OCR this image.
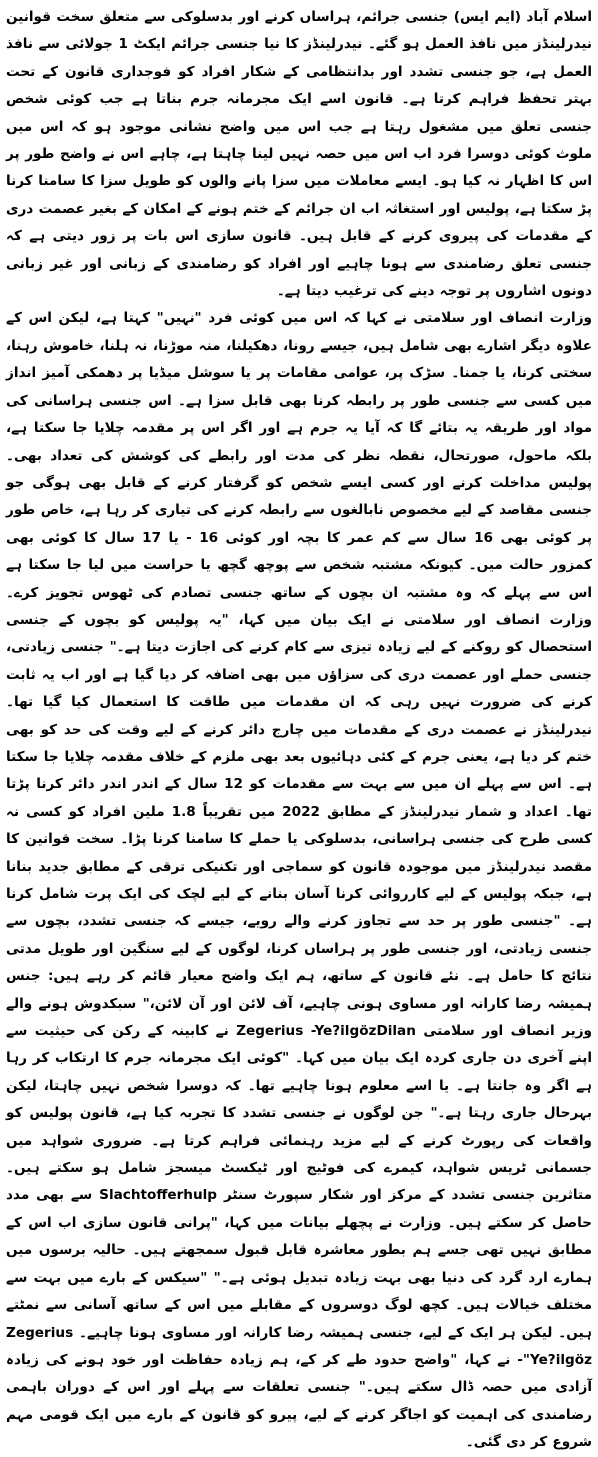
اسلام آباد (ایم ایس) جنسی جرائم، ہراساں کرنے اور بدسلوکی سے متعلق سخت قوانین نیدرلینڈز میں نافذ العمل ہو گئے۔ نیدرلینڈز کا نیا جنسی جرائم ایکٹ 1 جولائی سے نافذ العمل ہے، جو جنسی تشدد اور بدانتظامی کے شکار افراد کو فوجداری قانون کے تحت بہتر تحفظ فراہم کرتا ہے۔ قانون اسے ایک مجرمانہ جرم بناتا ہے جب کوئی شخص جنسی تعلق میں مشغول رہتا ہے جب اس میں واضح نشانی موجود ہو کہ اس میں ملوث کوئی دوسرا فرد اب اس میں حصہ نہیں لینا چاہتا ہے، چاہے اس نے واضح طور پر اس کا اظہار نہ کیا ہو۔ ایسے معاملات میں سزا پانے والوں کو طویل سزا کا سامنا کرنا پڑ سکتا ہے، پولیس اور استغاثہ اب ان جرائم کے ختم ہونے کے امکان کے بغیر عصمت دری کے مقدمات کی پیروی کرنے کے قابل ہیں۔ قانون سازی اس بات پر زور دیتی ہے کہ جنسی تعلق رضامندی سے ہونا چاہیے اور افراد کو رضامندی کے زبانی اور غیر زبانی دونوں اشاروں پر توجہ دینے کی ترغیب دیتا ہے۔

وزارت انصاف اور سلامتی نے کہا کہ اس میں کوئی فرد "نہیں" کہتا ہے، لیکن اس کے علاوہ دیگر اشارے بھی شامل ہیں، جیسے رونا، دھکیلنا، منہ موڑنا، نہ ہلنا، خاموش رہنا، سختی کرنا، یا جمنا۔ سڑک پر، عوامی مقامات پر یا سوشل میڈیا پر دھمکی آمیز انداز میں کسی سے جنسی طور پر رابطہ کرنا بھی قابل سزا ہے۔ اس جنسی ہراسانی کی مواد اور طریقہ یہ بتائے گا کہ آیا یہ جرم ہے اور اگر اس پر مقدمہ چلایا جا سکتا ہے، بلکہ ماحول، صورتحال، نقطہ نظر کی مدت اور رابطے کی کوشش کی تعداد بھی۔ پولیس مداخلت کرنے اور کسی ایسے شخص کو گرفتار کرنے کے قابل بھی ہوگی جو جنسی مقاصد کے لیے مخصوص نابالغوں سے رابطہ کرنے کی تیاری کر رہا ہے، خاص طور پر کوئی بھی 16 سال سے کم عمر کا بچہ اور کوئی 16 - یا 17 سال کا کوئی بھی کمزور حالت میں۔ کیونکہ مشتبہ شخص سے پوچھ گچھ یا حراست میں لیا جا سکتا ہے اس سے پہلے کہ وہ مشتبہ ان بچوں کے ساتھ جنسی تصادم کی ٹھوس تجویز کرے۔ وزارت انصاف اور سلامتی نے ایک بیان میں کہا، "یہ پولیس کو بچوں کے جنسی استحصال کو روکنے کے لیے زیادہ تیزی سے کام کرنے کی اجازت دیتا ہے۔" جنسی زیادتی، جنسی حملے اور عصمت دری کی سزاؤں میں بھی اضافہ کر دیا گیا ہے اور اب یہ ثابت کرنے کی ضرورت نہیں رہی کہ ان مقدمات میں طاقت کا استعمال کیا گیا تھا۔ نیدرلینڈز نے عصمت دری کے مقدمات میں چارج دائر کرنے کے لیے وقت کی حد کو بھی ختم کر دیا ہے، یعنی جرم کے کئی دہائیوں بعد بھی ملزم کے خلاف مقدمہ چلایا جا سکتا ہے۔ اس سے پہلے ان میں سے بہت سے مقدمات کو 12 سال کے اندر اندر دائر کرنا پڑتا تھا۔ اعداد و شمار نیدرلینڈز کے مطابق 2022 میں تقریباً 1.8 ملین افراد کو کسی نہ کسی طرح کی جنسی ہراسانی، بدسلوکی یا حملے کا سامنا کرنا پڑا۔ سخت قوانین کا مقصد نیدرلینڈز میں موجودہ قانون کو سماجی اور تکنیکی ترقی کے مطابق جدید بنانا ہے، جبکہ پولیس کے لیے کارروائی کرنا آسان بنانے کے لیے لچک کی ایک پرت شامل کرنا ہے۔ "جنسی طور پر حد سے تجاوز کرنے والے رویے، جیسے کہ جنسی تشدد، بچوں سے جنسی زیادتی، اور جنسی طور پر ہراساں کرنا، لوگوں کے لیے سنگین اور طویل مدتی نتائج کا حامل ہے۔ نئے قانون کے ساتھ، ہم ایک واضح معیار قائم کر رہے ہیں: جنس ہمیشہ رضا کارانہ اور مساوی ہونی چاہیے، آف لائن اور آن لائن،" سبکدوش ہونے والے وزیر انصاف اور سلامتی Zegerius -Ye?ilgözDilan نے کابینہ کے رکن کی حیثیت سے اپنے آخری دن جاری کردہ ایک بیان میں کہا۔ "کوئی ایک مجرمانہ جرم کا ارتکاب کر رہا ہے اگر وہ جانتا ہے۔ یا اسے معلوم ہونا چاہیے تھا۔ کہ دوسرا شخص نہیں چاہتا، لیکن بہرحال جاری رہتا ہے۔" جن لوگوں نے جنسی تشدد کا تجربہ کیا ہے، قانون پولیس کو واقعات کی رپورٹ کرنے کے لیے مزید رہنمائی فراہم کرتا ہے۔ ضروری شواہد میں جسمانی ٹریس شواہد، کیمرے کی فوٹیج اور ٹیکسٹ میسجز شامل ہو سکتے ہیں۔ متاثرین جنسی تشدد کے مرکز اور شکار سپورٹ سنٹر Slachtofferhulp سے بھی مدد حاصل کر سکتے ہیں۔ وزارت نے پچھلے بیانات میں کہا، "پرانی قانون سازی اب اس کے مطابق نہیں تھی جسے ہم بطور معاشرہ قابل قبول سمجھتے ہیں۔ حالیہ برسوں میں ہمارے ارد گرد کی دنیا بھی بہت زیادہ تبدیل ہوئی ہے۔" "سیکس کے بارے میں بہت سے مختلف خیالات ہیں۔ کچھ لوگ دوسروں کے مقابلے میں اس کے ساتھ آسانی سے نمٹتے ہیں۔ لیکن ہر ایک کے لیے، جنسی ہمیشہ رضا کارانہ اور مساوی ہونا چاہیے۔ Zegerius -"Ye?ilgöz نے کہا، "واضح حدود طے کر کے، ہم زیادہ حفاظت اور خود ہونے کی زیادہ آزادی میں حصہ ڈال سکتے ہیں۔" جنسی تعلقات سے پہلے اور اس کے دوران باہمی رضامندی کی اہمیت کو اجاگر کرنے کے لیے، پیرو کو قانون کے بارے میں ایک قومی مہم شروع کر دی گئی۔
